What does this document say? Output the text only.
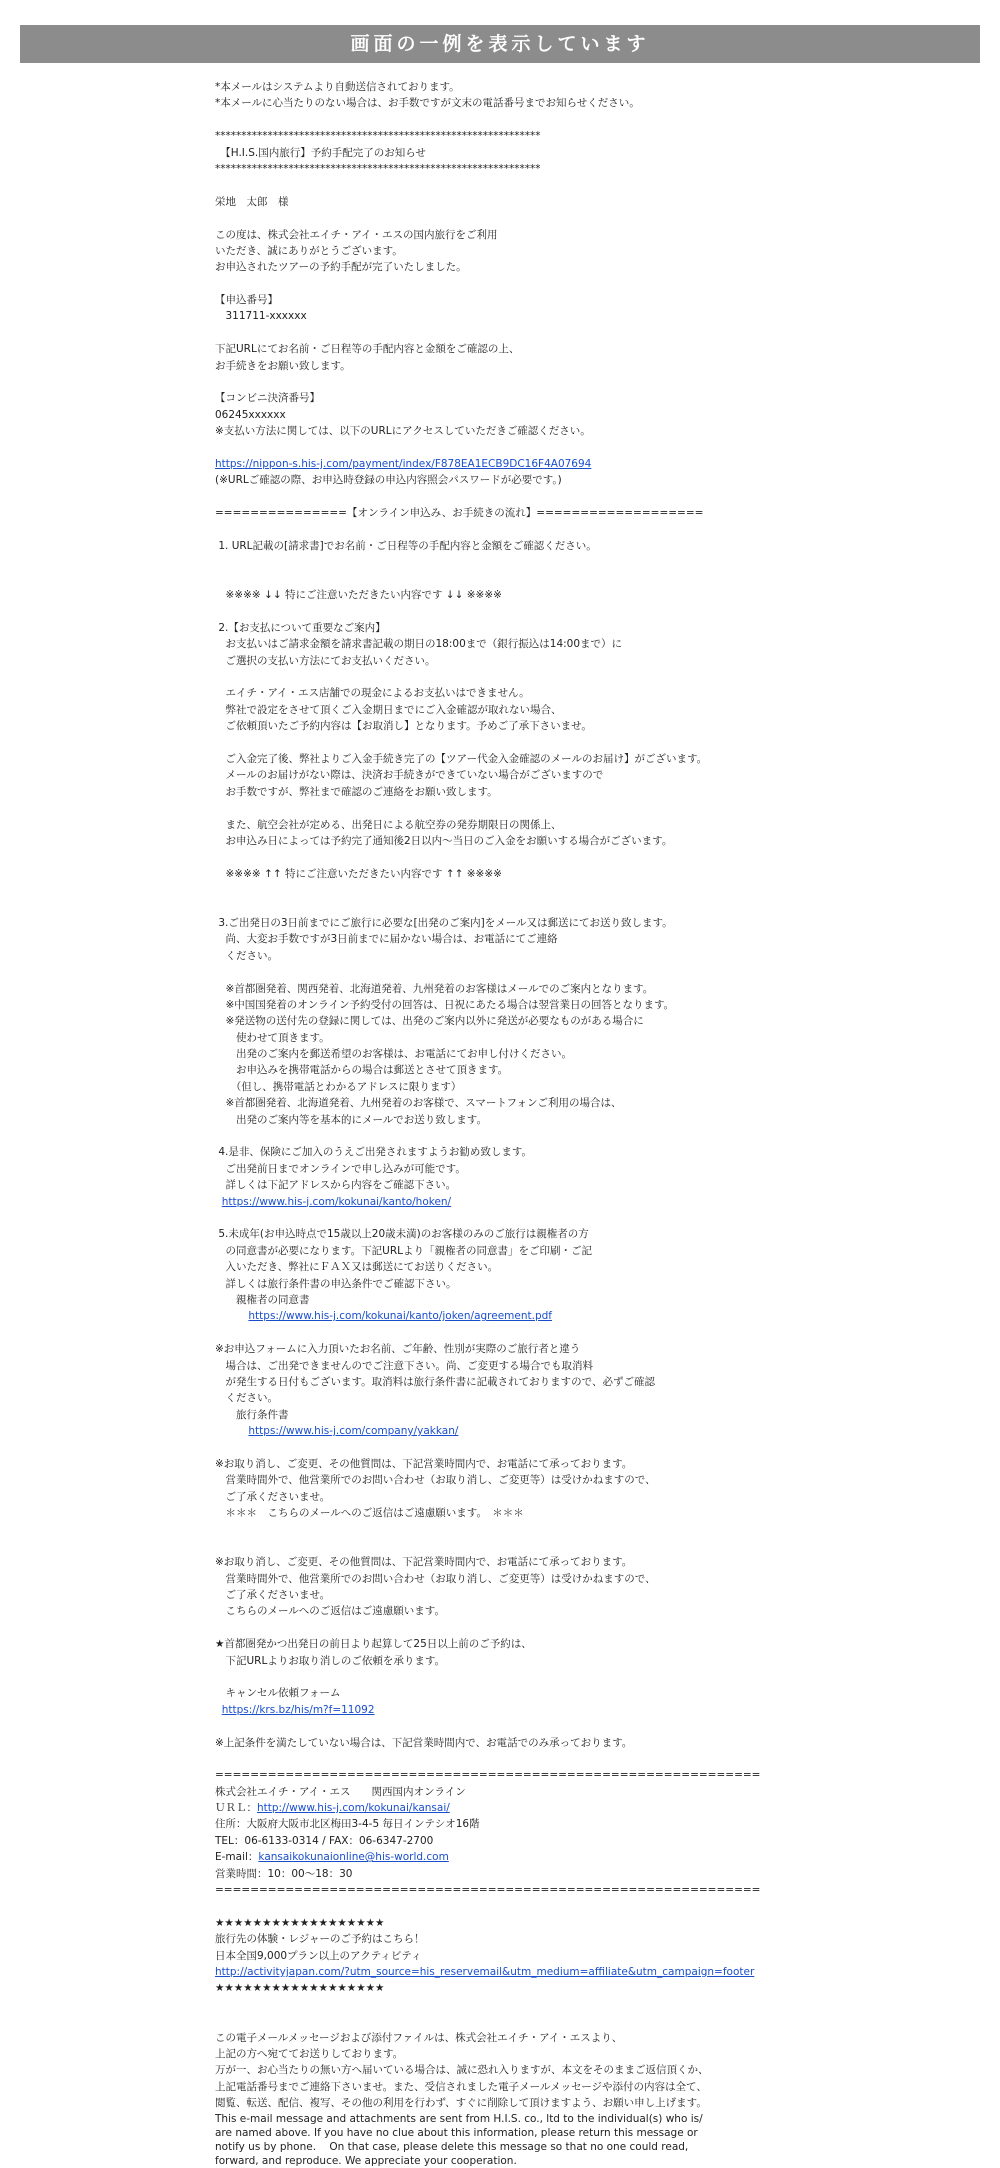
画面の一例を表示しています
*本メールはシステムより自動送信されております。
*本メールに心当たりのない場合は、お手数ですが文末の電話番号までお知らせください。
**************************************************************
　【H.I.S.国内旅行】予約手配完了のお知らせ
**************************************************************
栄地　太郎　様
この度は、株式会社エイチ・アイ・エスの国内旅行をご利用
いただき、誠にありがとうございます。
お申込されたツアーの予約手配が完了いたしました。
【申込番号】
　311711-xxxxxx
下記URLにてお名前・ご日程等の手配内容と金額をご確認の上、
お手続きをお願い致します。
【コンビニ決済番号】
06245xxxxxx
※支払い方法に関しては、以下のURLにアクセスしていただきご確認ください。
https://nippon-s.his-j.com/payment/index/F878EA1ECB9DC16F4A07694
(※URLご確認の際、お申込時登録の申込内容照会パスワードが必要です。)
===============【オンライン申込み、お手続きの流れ】===================
1. URL記載の[請求書]でお名前・ご日程等の手配内容と金額をご確認ください。
　※※※※ ↓↓ 特にご注意いただきたい内容です ↓↓ ※※※※
2.【お支払について重要なご案内】
　お支払いはご請求金額を請求書記載の期日の18:00まで（銀行振込は14:00まで）に
　ご選択の支払い方法にてお支払いください。
　エイチ・アイ・エス店舗での現金によるお支払いはできません。
　弊社で設定をさせて頂くご入金期日までにご入金確認が取れない場合、
　ご依頼頂いたご予約内容は【お取消し】となります。予めご了承下さいませ。
　ご入金完了後、弊社よりご入金手続き完了の【ツアー代金入金確認のメールのお届け】がございます。
　メールのお届けがない際は、決済お手続きができていない場合がございますので
　お手数ですが、弊社まで確認のご連絡をお願い致します。
　また、航空会社が定める、出発日による航空券の発券期限日の関係上、
　お申込み日によっては予約完了通知後2日以内～当日のご入金をお願いする場合がございます。
　※※※※ ↑↑ 特にご注意いただきたい内容です ↑↑ ※※※※
3.ご出発日の3日前までにご旅行に必要な[出発のご案内]をメール又は郵送にてお送り致します。
　尚、大変お手数ですが3日前までに届かない場合は、お電話にてご連絡
　ください。
　※首都圏発着、関西発着、北海道発着、九州発着のお客様はメールでのご案内となります。
　※中国国発着のオンライン予約受付の回答は、日祝にあたる場合は翌営業日の回答となります。
　※発送物の送付先の登録に関しては、出発のご案内以外に発送が必要なものがある場合に
　　使わせて頂きます。
　　出発のご案内を郵送希望のお客様は、お電話にてお申し付けください。
　　お申込みを携帯電話からの場合は郵送とさせて頂きます。
　　（但し、携帯電話とわかるアドレスに限ります）
　※首都圏発着、北海道発着、九州発着のお客様で、スマートフォンご利用の場合は、
　　出発のご案内等を基本的にメールでお送り致します。
4.是非、保険にご加入のうえご出発されますようお勧め致します。
　ご出発前日までオンラインで申し込みが可能です。
　詳しくは下記アドレスから内容をご確認下さい。
https://www.his-j.com/kokunai/kanto/hoken/
5.未成年(お申込時点で15歳以上20歳未満)のお客様のみのご旅行は親権者の方
　の同意書が必要になります。下記URLより「親権者の同意書」をご印刷・ご記
　入いただき、弊社にＦＡＸ又は郵送にてお送りください。
　詳しくは旅行条件書の申込条件でご確認下さい。
　　親権者の同意書
https://www.his-j.com/kokunai/kanto/joken/agreement.pdf
※お申込フォームに入力頂いたお名前、ご年齢、性別が実際のご旅行者と違う
　場合は、ご出発できませんのでご注意下さい。尚、ご変更する場合でも取消料
　が発生する日付もございます。取消料は旅行条件書に記載されておりますので、必ずご確認
　ください。
　　旅行条件書
https://www.his-j.com/company/yakkan/
※お取り消し、ご変更、その他質問は、下記営業時間内で、お電話にて承っております。
　営業時間外で、他営業所でのお問い合わせ（お取り消し、ご変更等）は受けかねますので、
　ご了承くださいませ。
　＊＊＊　こちらのメールへのご返信はご遠慮願います。　＊＊＊
※お取り消し、ご変更、その他質問は、下記営業時間内で、お電話にて承っております。
　営業時間外で、他営業所でのお問い合わせ（お取り消し、ご変更等）は受けかねますので、
　ご了承くださいませ。
　こちらのメールへのご返信はご遠慮願います。
★首都圏発かつ出発日の前日より起算して25日以上前のご予約は、
　下記URLよりお取り消しのご依頼を承ります。
　キャンセル依頼フォーム
https://krs.bz/his/m?f=11092
※上記条件を満たしていない場合は、下記営業時間内で、お電話でのみ承っております。
==============================================================
株式会社エイチ・アイ・エス　　関西国内オンライン
ＵＲＬ：http://www.his-j.com/kokunai/kansai/
住所：大阪府大阪市北区梅田3-4-5 毎日インテシオ16階
TEL：06-6133-0314 / FAX：06-6347-2700
E-mail：kansaikokunaionline@his-world.com
営業時間：10：00～18：30
==============================================================
★★★★★★★★★★★★★★★★★★
旅行先の体験・レジャーのご予約はこちら！
日本全国9,000プラン以上のアクティビティ
http://activityjapan.com/?utm_source=his_reservemail&utm_medium=affiliate&utm_campaign=footer
★★★★★★★★★★★★★★★★★★
この電子メールメッセージおよび添付ファイルは、株式会社エイチ・アイ・エスより、
上記の方へ宛ててお送りしております。
万が一、お心当たりの無い方へ届いている場合は、誠に恐れ入りますが、本文をそのままご返信頂くか、
上記電話番号までご連絡下さいませ。また、受信されました電子メールメッセージや添付の内容は全て、
閲覧、転送、配信、複写、その他の利用を行わず、すぐに削除して頂けますよう、お願い申し上げます。
This e-mail message and attachments are sent from H.I.S. co., ltd to the individual(s) who is/
are named above. If you have no clue about this information, please return this message or
notify us by phone.    On that case, please delete this message so that no one could read,
forward, and reproduce. We appreciate your cooperation.
